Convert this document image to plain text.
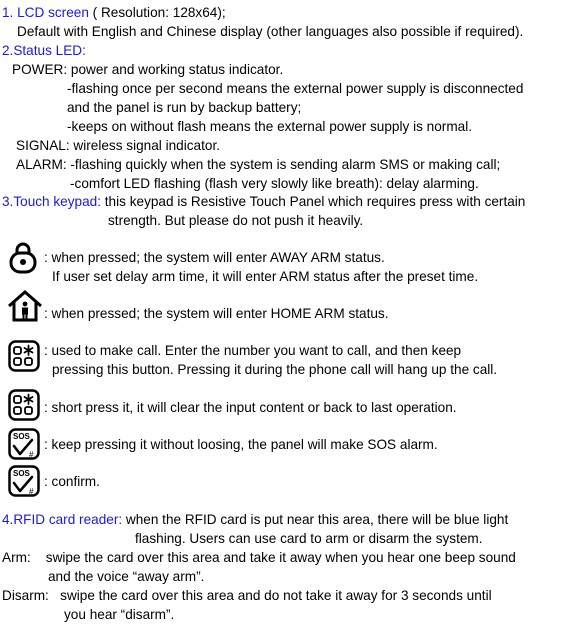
1. LCD screen ( Resolution: 128x64);
Default with English and Chinese display (other languages also possible if required).
2.Status LED:
POWER: power and working status indicator.
-flashing once per second means the external power supply is disconnected
and the panel is run by backup battery;
-keeps on without flash means the external power supply is normal.
SIGNAL: wireless signal indicator.
ALARM: -flashing quickly when the system is sending alarm SMS or making call;
-comfort LED flashing (flash very slowly like breath): delay alarming.
3.Touch keypad: this keypad is Resistive Touch Panel which requires press with certain
strength. But please do not push it heavily.
: when pressed; the system will enter AWAY ARM status.
If user set delay arm time, it will enter ARM status after the preset time.
: when pressed; the system will enter HOME ARM status.
: used to make call. Enter the number you want to call, and then keep
pressing this button. Pressing it during the phone call will hang up the call.
: short press it, it will clear the input content or back to last operation.
SOS
#
: keep pressing it without loosing, the panel will make SOS alarm.
SOS
#
: confirm.
4.RFID card reader: when the RFID card is put near this area, there will be blue light
flashing. Users can use card to arm or disarm the system.
Arm:    swipe the card over this area and take it away when you hear one beep sound
and the voice “away arm”.
Disarm:   swipe the card over this area and do not take it away for 3 seconds until
you hear “disarm”.
